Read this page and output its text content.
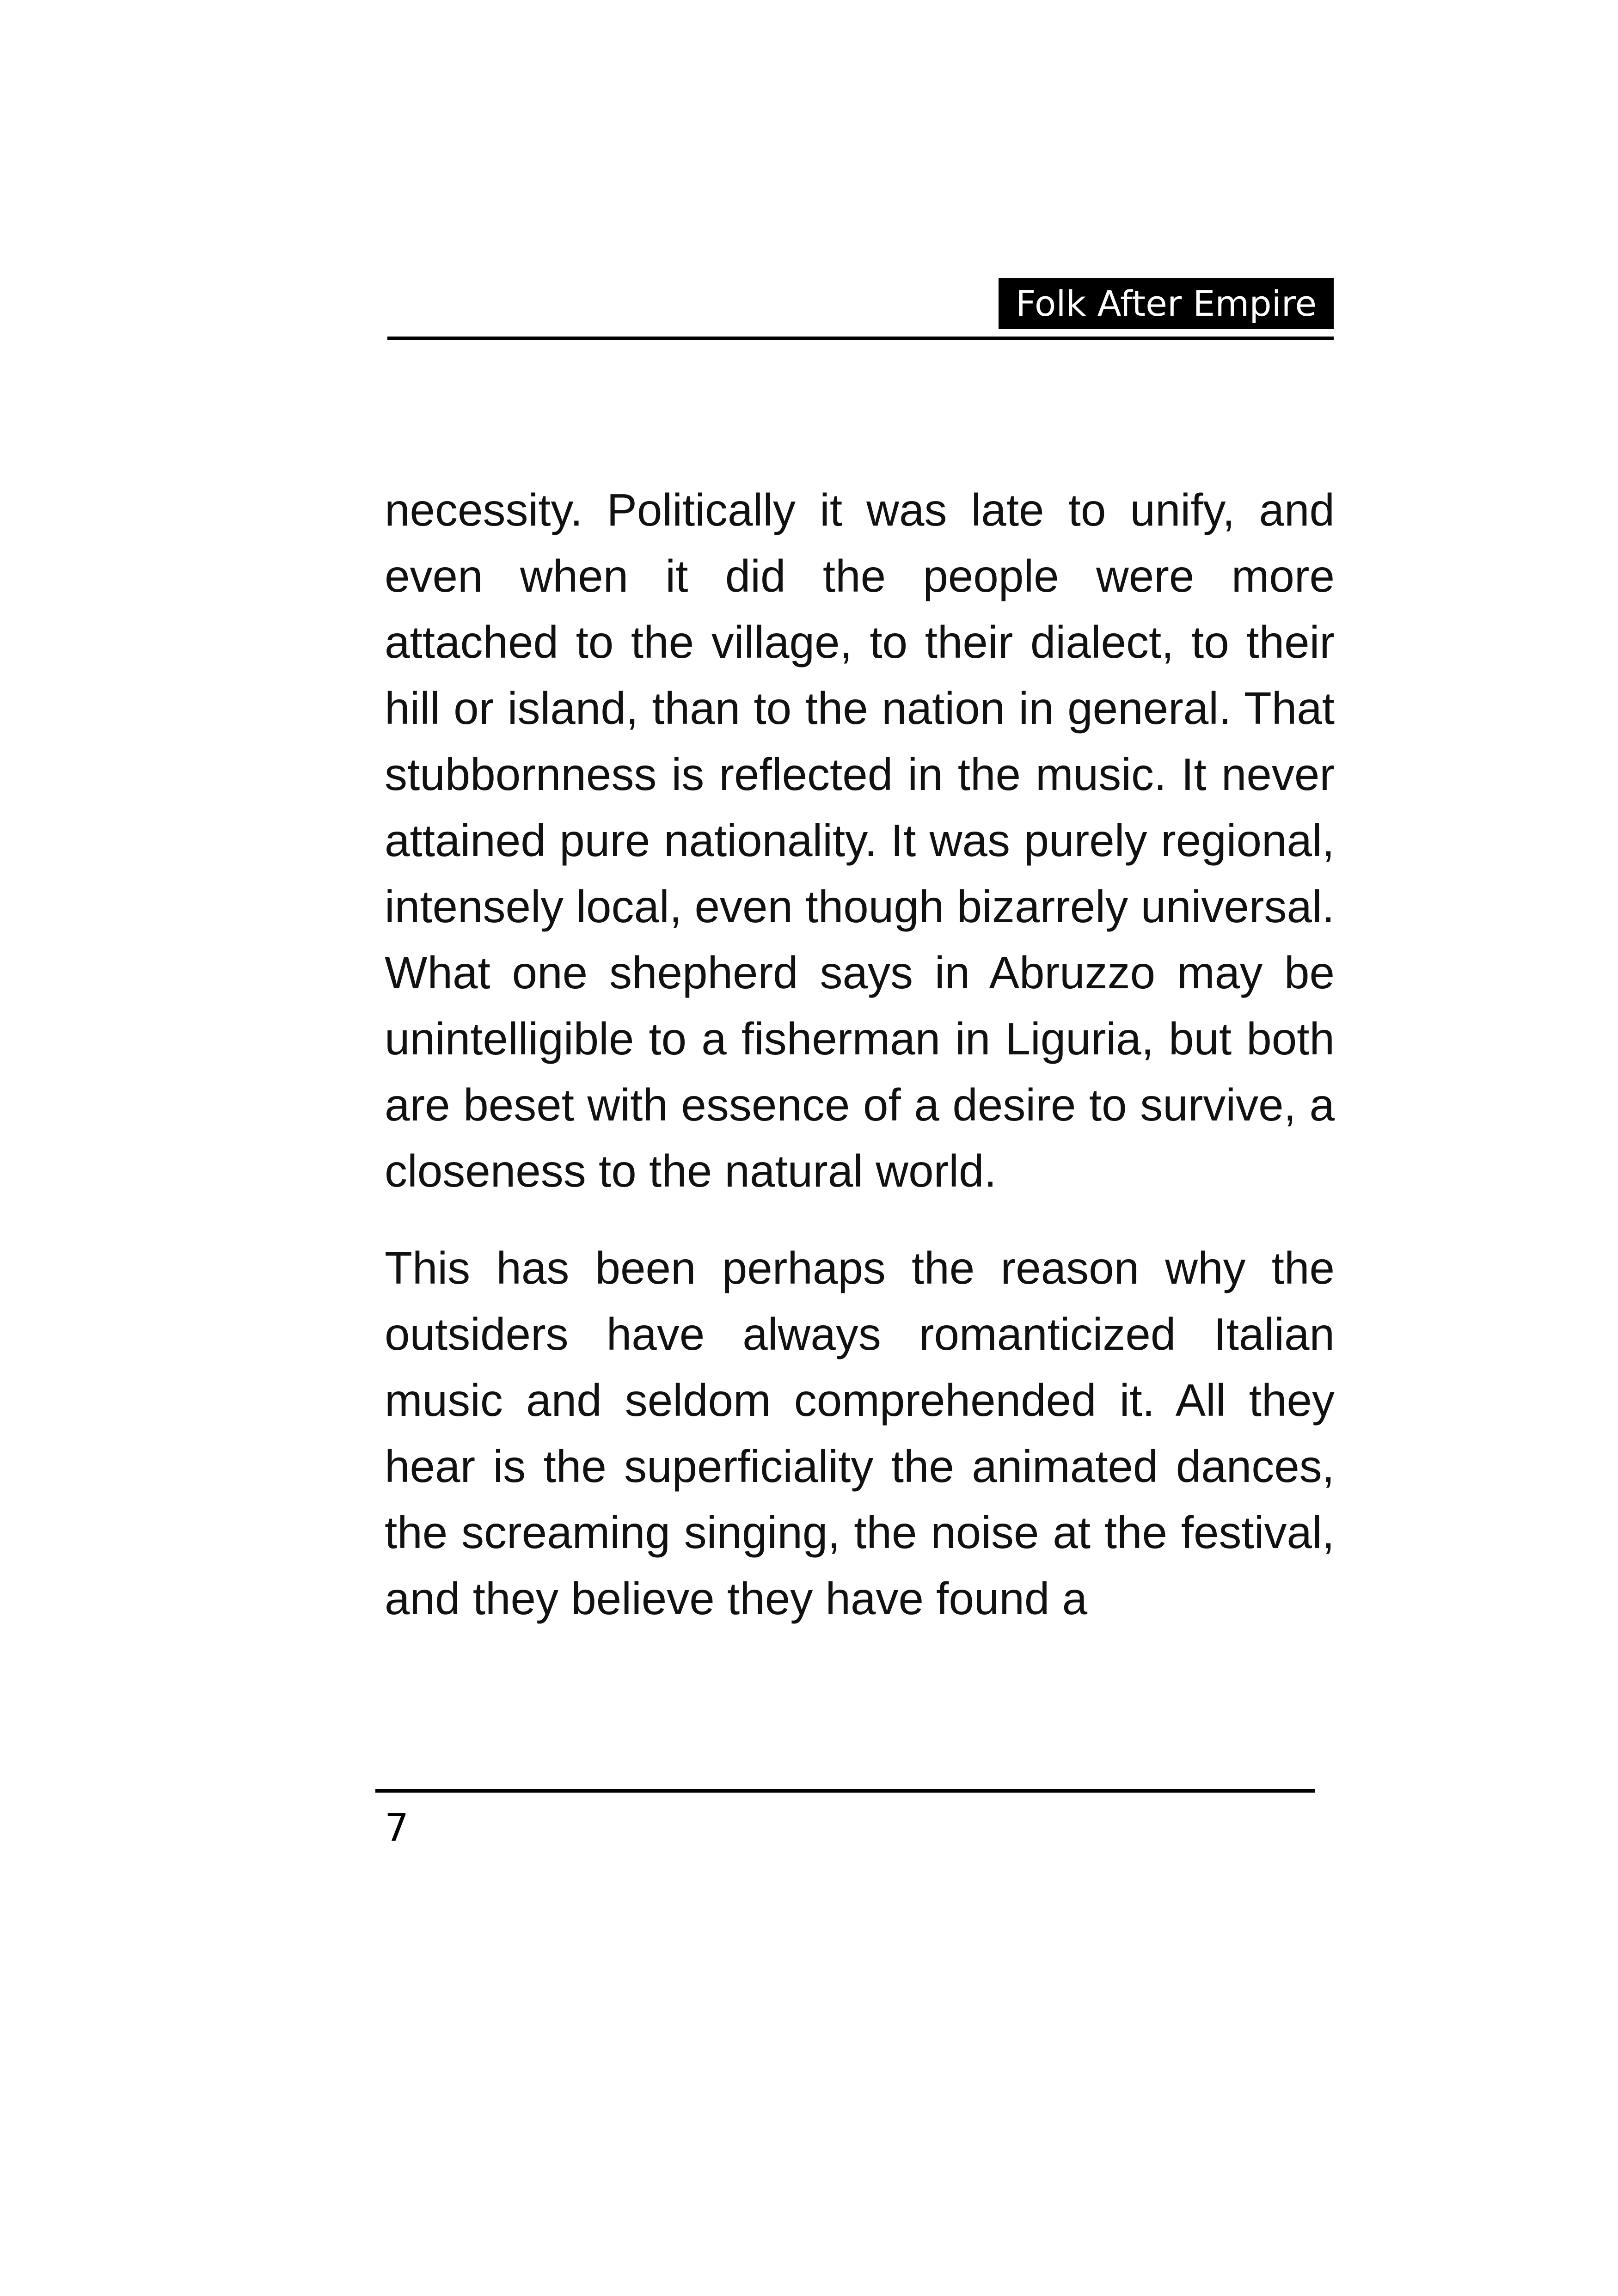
Folk After Empire

necessity. Politically it was late to unify, and even when it did the people were more attached to the village, to their dialect, to their hill or island, than to the nation in general. That stubbornness is reflected in the music. It never attained pure nationality. It was purely regional, intensely local, even though bizarrely universal. What one shepherd says in Abruzzo may be unintelligible to a fisherman in Liguria, but both are beset with essence of a desire to survive, a closeness to the natural world.

This has been perhaps the reason why the outsiders have always romanticized Italian music and seldom comprehended it. All they hear is the superficiality the animated dances, the screaming singing, the noise at the festival, and they believe they have found a

7
